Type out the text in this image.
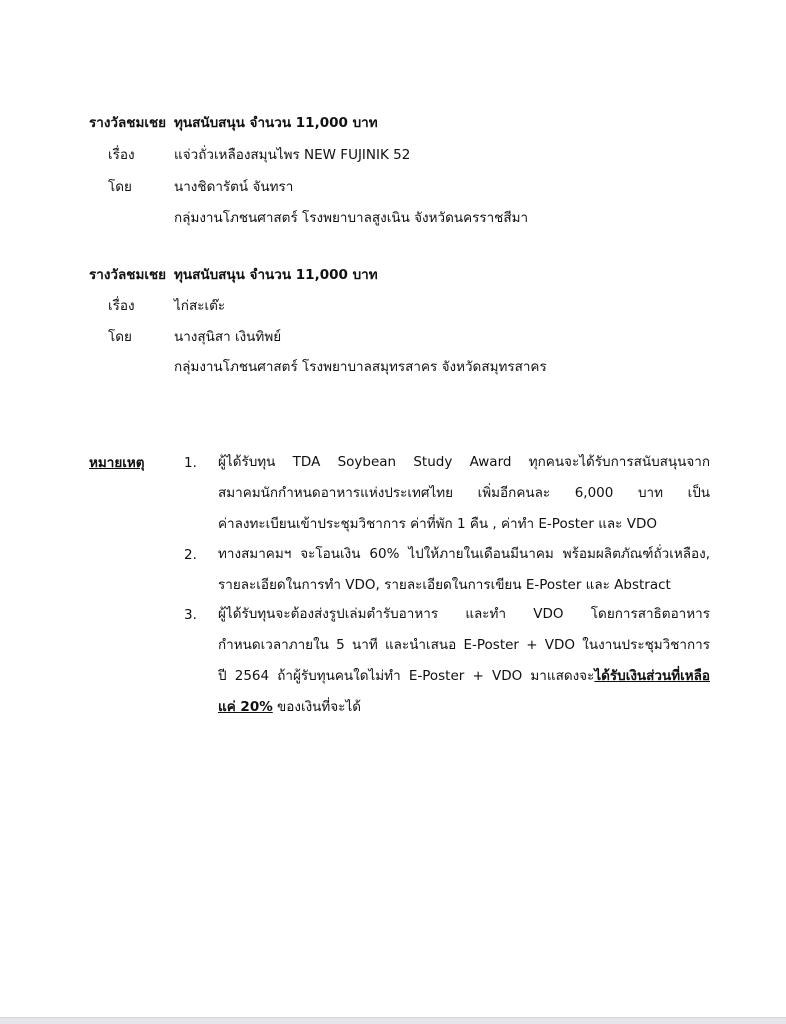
รางวัลชมเชย ทุนสนับสนุน จำนวน 11,000 บาท
เรื่อง	แจ่วถั่วเหลืองสมุนไพร NEW FUJINIK 52
โดย	นางชิดารัตน์ จันทรา
กลุ่มงานโภชนศาสตร์ โรงพยาบาลสูงเนิน จังหวัดนครราชสีมา
รางวัลชมเชย ทุนสนับสนุน จำนวน 11,000 บาท
เรื่อง	ไก่สะเต๊ะ
โดย	นางสุนิสา เงินทิพย์
กลุ่มงานโภชนศาสตร์ โรงพยาบาลสมุทรสาคร จังหวัดสมุทรสาคร
หมายเหตุ	1. ผู้ได้รับทุน TDA Soybean Study Award ทุกคนจะได้รับการสนับสนุนจาก
สมาคมนักกำหนดอาหารแห่งประเทศไทย เพิ่มอีกคนละ 6,000 บาท เป็น
ค่าลงทะเบียนเข้าประชุมวิชาการ ค่าที่พัก 1 คืน , ค่าทำ E-Poster และ VDO
2. ทางสมาคมฯ จะโอนเงิน 60% ไปให้ภายในเดือนมีนาคม พร้อมผลิตภัณฑ์ถั่วเหลือง,
รายละเอียดในการทำ VDO, รายละเอียดในการเขียน E-Poster และ Abstract
3. ผู้ได้รับทุนจะต้องส่งรูปเล่มตำรับอาหาร และทำ VDO โดยการสาธิตอาหาร
กำหนดเวลาภายใน 5 นาที และนำเสนอ E-Poster + VDO ในงานประชุมวิชาการ
ปี 2564 ถ้าผู้รับทุนคนใดไม่ทำ E-Poster + VDO มาแสดงจะได้รับเงินส่วนที่เหลือ
แค่ 20% ของเงินที่จะได้
